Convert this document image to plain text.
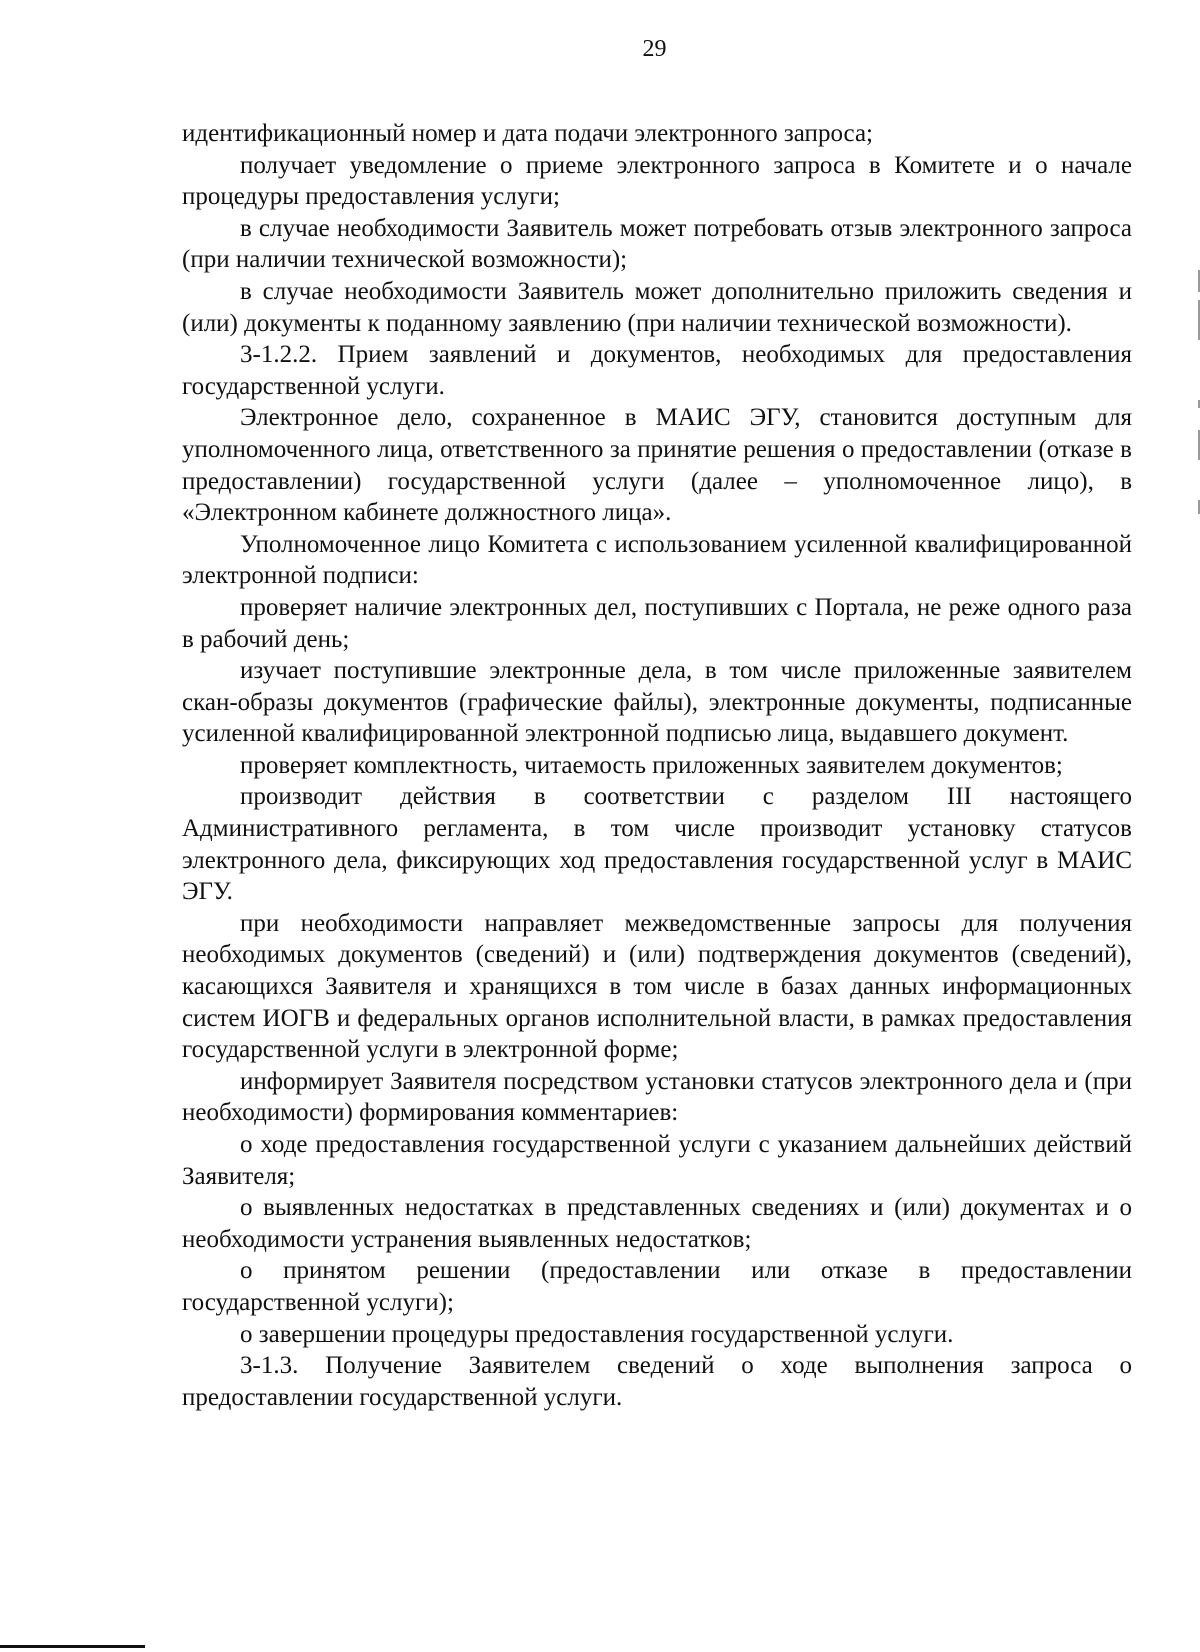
29

идентификационный номер и дата подачи электронного запроса;

получает уведомление о приеме электронного запроса в Комитете и о начале процедуры предоставления услуги;

в случае необходимости Заявитель может потребовать отзыв электронного запроса (при наличии технической возможности);

в случае необходимости Заявитель может дополнительно приложить сведения и (или) документы к поданному заявлению (при наличии технической возможности).

3-1.2.2. Прием заявлений и документов, необходимых для предоставления государственной услуги.

Электронное дело, сохраненное в МАИС ЭГУ, становится доступным для уполномоченного лица, ответственного за принятие решения о предоставлении (отказе в предоставлении) государственной услуги (далее – уполномоченное лицо), в «Электронном кабинете должностного лица».

Уполномоченное лицо Комитета с использованием усиленной квалифицированной электронной подписи:

проверяет наличие электронных дел, поступивших с Портала, не реже одного раза в рабочий день;

изучает поступившие электронные дела, в том числе приложенные заявителем скан-образы документов (графические файлы), электронные документы, подписанные усиленной квалифицированной электронной подписью лица, выдавшего документ.

проверяет комплектность, читаемость приложенных заявителем документов;

производит действия в соответствии с разделом III настоящего Административного регламента, в том числе производит установку статусов электронного дела, фиксирующих ход предоставления государственной услуг в МАИС ЭГУ.

при необходимости направляет межведомственные запросы для получения необходимых документов (сведений) и (или) подтверждения документов (сведений), касающихся Заявителя и хранящихся в том числе в базах данных информационных систем ИОГВ и федеральных органов исполнительной власти, в рамках предоставления государственной услуги в электронной форме;

информирует Заявителя посредством установки статусов электронного дела и (при необходимости) формирования комментариев:

о ходе предоставления государственной услуги с указанием дальнейших действий Заявителя;

о выявленных недостатках в представленных сведениях и (или) документах и о необходимости устранения выявленных недостатков;

о принятом решении (предоставлении или отказе в предоставлении государственной услуги);

о завершении процедуры предоставления государственной услуги.

3-1.3. Получение Заявителем сведений о ходе выполнения запроса о предоставлении государственной услуги.
